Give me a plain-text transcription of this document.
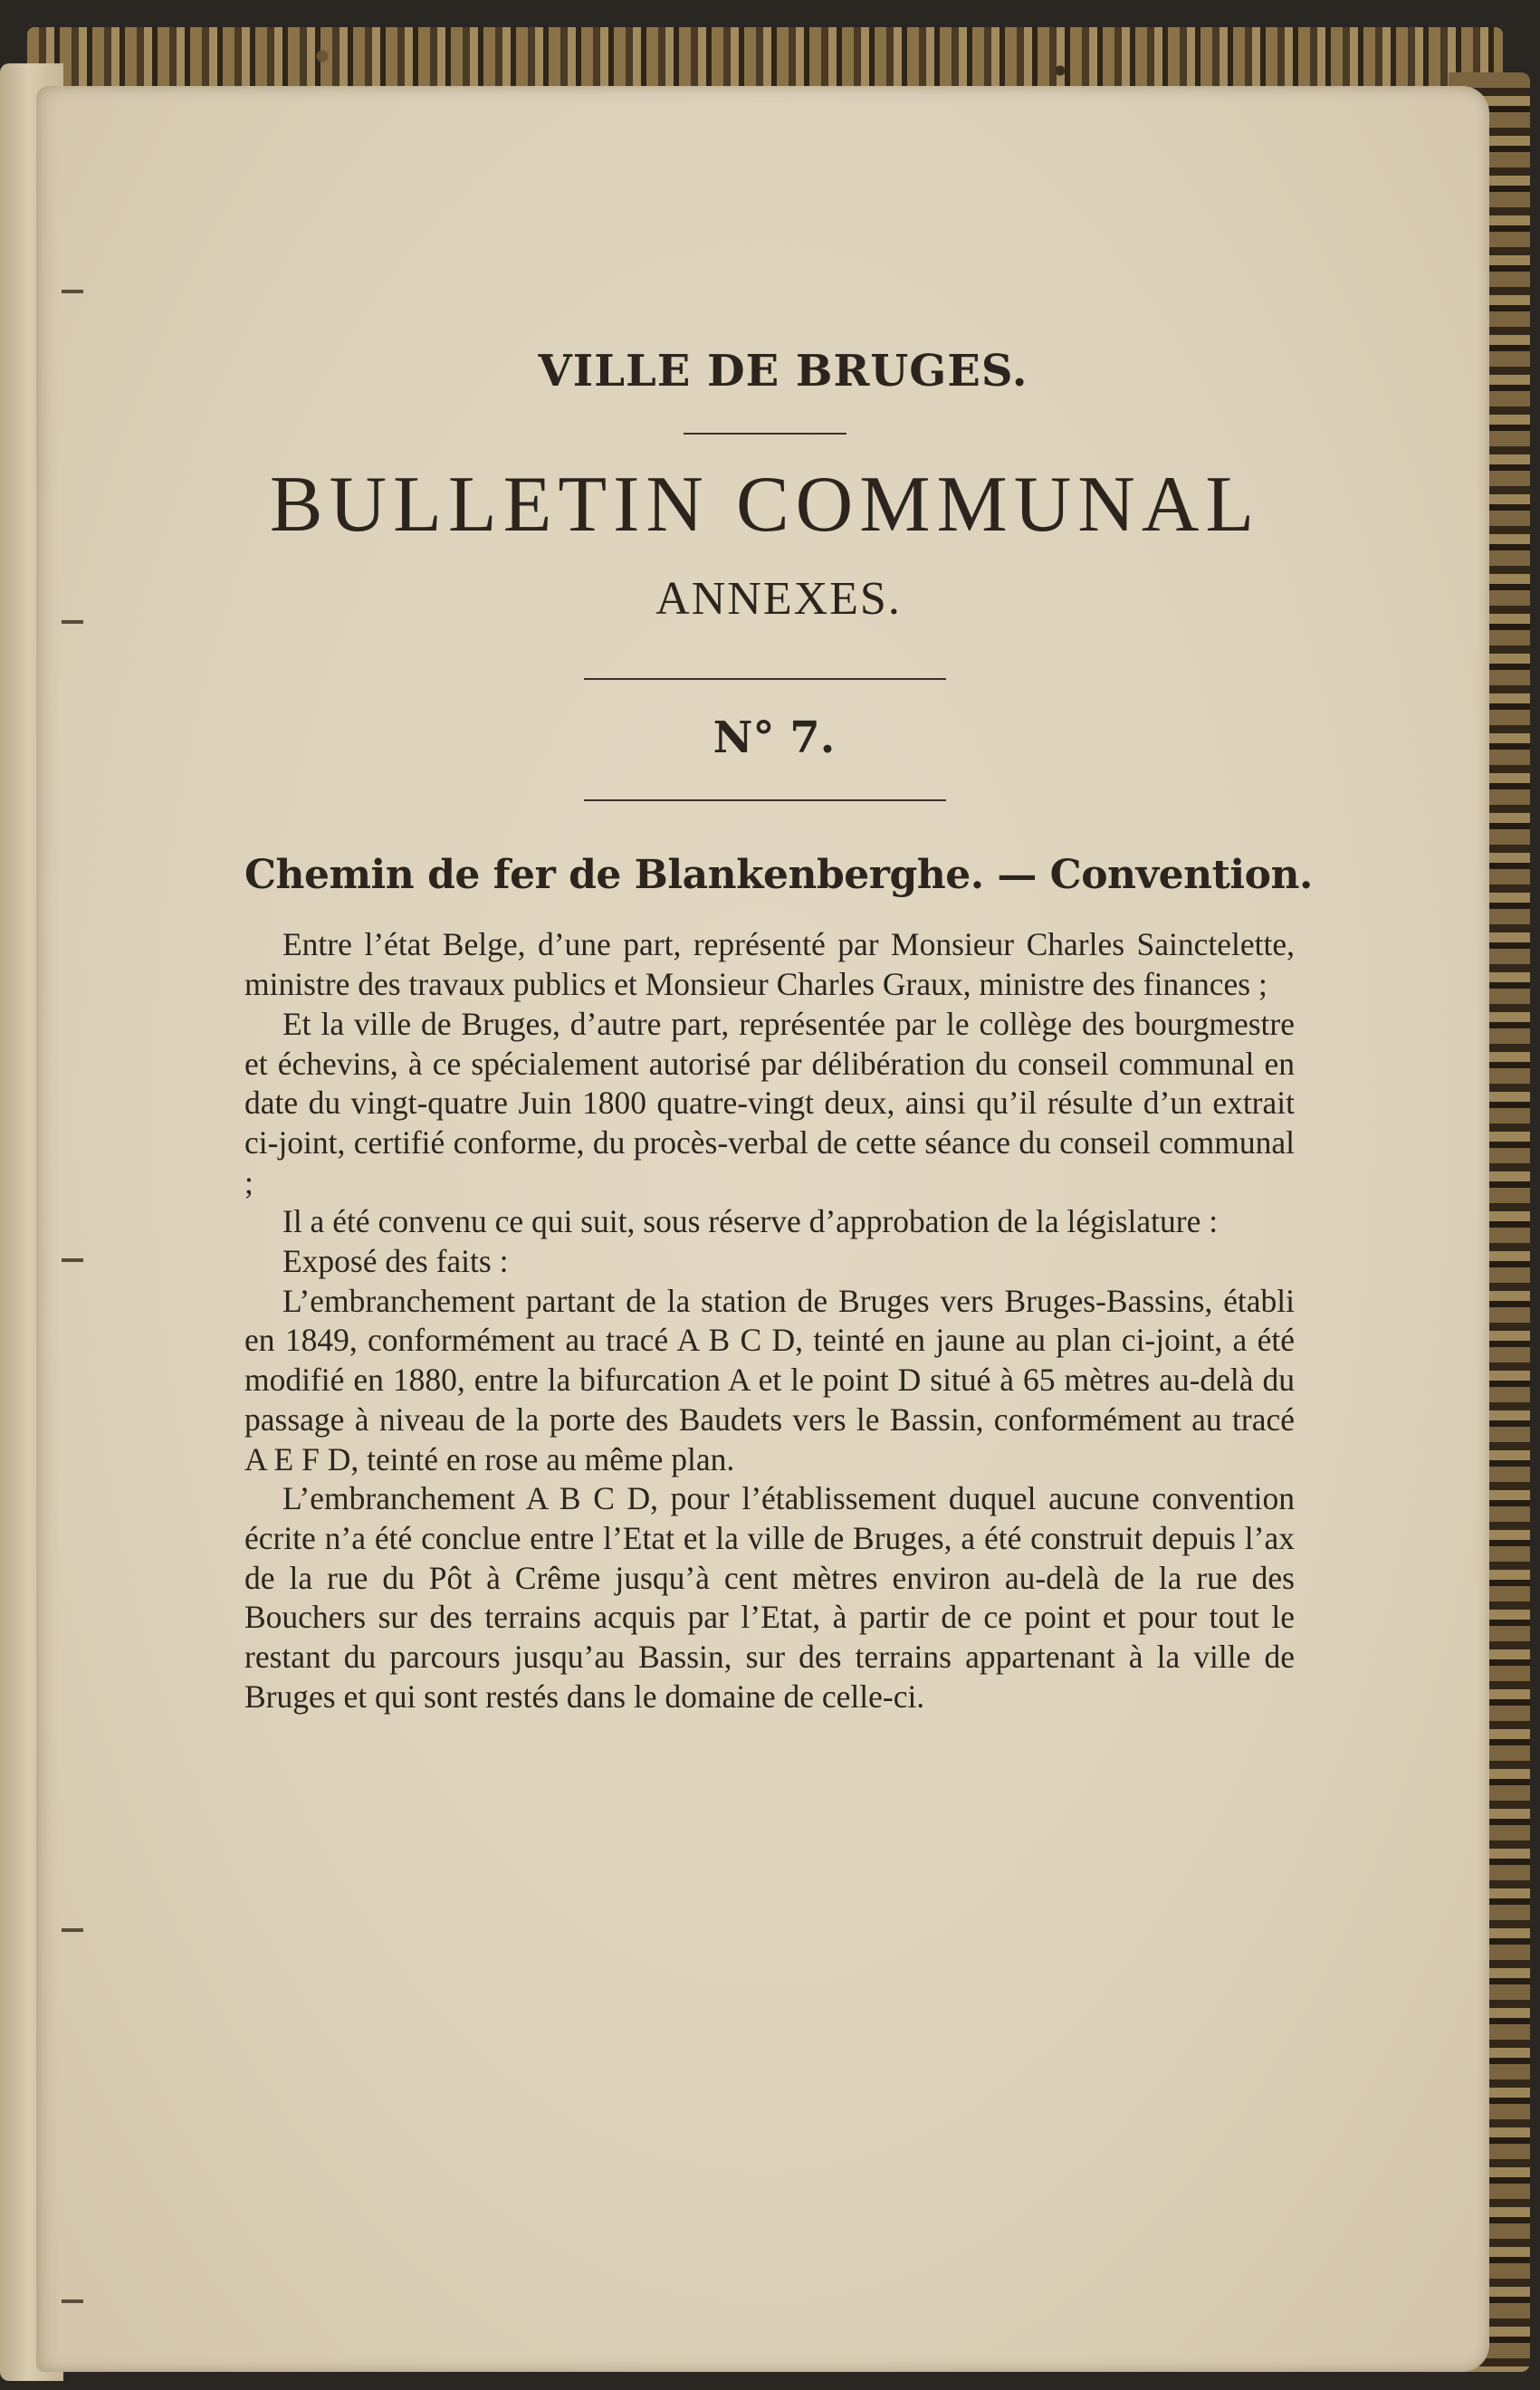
VILLE DE BRUGES.
BULLETIN COMMUNAL
ANNEXES.
N° 7.
Chemin de fer de Blankenberghe. — Convention.

Entre l’état Belge, d’une part, représenté par Monsieur Charles Sainctelette, ministre des travaux publics et Monsieur Charles Graux, ministre des finances ;

Et la ville de Bruges, d’autre part, représentée par le collège des bourgmestre et échevins, à ce spécialement autorisé par délibération du conseil communal en date du vingt-quatre Juin 1800 quatre-vingt deux, ainsi qu’il résulte d’un extrait ci-joint, certifié conforme, du procès-verbal de cette séance du conseil communal ;

Il a été convenu ce qui suit, sous réserve d’approbation de la législature :

Exposé des faits :

L’embranchement partant de la station de Bruges vers Bruges-Bassins, établi en 1849, conformément au tracé A B C D, teinté en jaune au plan ci-joint, a été modifié en 1880, entre la bifurcation A et le point D situé à 65 mètres au-delà du passage à niveau de la porte des Baudets vers le Bassin, conformément au tracé A E F D, teinté en rose au même plan.

L’embranchement A B C D, pour l’établissement duquel aucune convention écrite n’a été conclue entre l’Etat et la ville de Bruges, a été construit depuis l’ax de la rue du Pôt à Crême jusqu’à cent mètres environ au-delà de la rue des Bouchers sur des terrains acquis par l’Etat, à partir de ce point et pour tout le restant du parcours jusqu’au Bassin, sur des terrains appartenant à la ville de Bruges et qui sont restés dans le domaine de celle-ci.
